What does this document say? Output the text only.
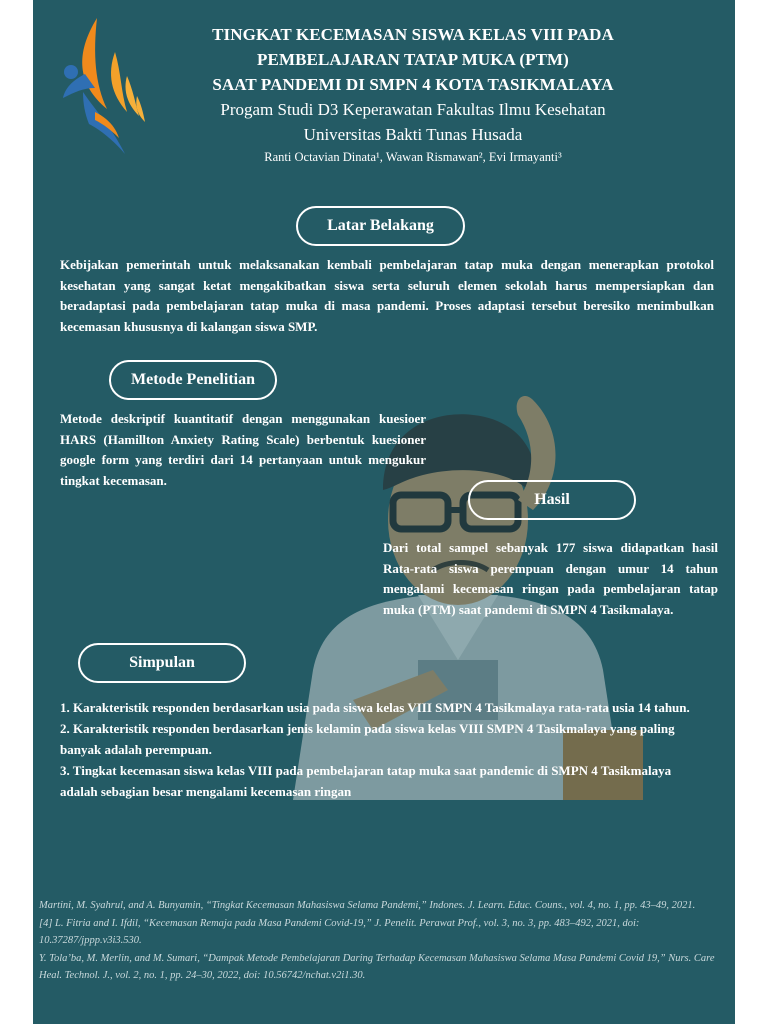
TINGKAT KECEMASAN SISWA KELAS VIII PADA
PEMBELAJARAN TATAP MUKA (PTM)
SAAT PANDEMI DI SMPN 4 KOTA TASIKMALAYA
Progam Studi D3 Keperawatan Fakultas Ilmu Kesehatan
Universitas Bakti Tunas Husada
Ranti Octavian Dinata¹, Wawan Rismawan², Evi Irmayanti³
Latar Belakang
Kebijakan pemerintah untuk melaksanakan kembali pembelajaran tatap muka dengan menerapkan protokol kesehatan yang sangat ketat mengakibatkan siswa serta seluruh elemen sekolah harus mempersiapkan dan beradaptasi pada pembelajaran tatap muka di masa pandemi. Proses adaptasi tersebut beresiko menimbulkan kecemasan khususnya di kalangan siswa SMP.
Metode Penelitian
Metode deskriptif kuantitatif dengan menggunakan kuesioer HARS (Hamillton Anxiety Rating Scale) berbentuk kuesioner google form yang terdiri dari 14 pertanyaan untuk mengukur tingkat kecemasan.
Hasil
Dari total sampel sebanyak 177 siswa didapatkan hasil Rata-rata siswa perempuan dengan umur 14 tahun mengalami kecemasan ringan pada pembelajaran tatap muka (PTM) saat pandemi di SMPN 4 Tasikmalaya.
Simpulan
1. Karakteristik responden berdasarkan usia pada siswa kelas VIII SMPN 4 Tasikmalaya rata-rata usia 14 tahun.
2. Karakteristik responden berdasarkan jenis kelamin pada siswa kelas VIII SMPN 4 Tasikmalaya yang paling banyak adalah perempuan.
3. Tingkat kecemasan siswa kelas VIII pada pembelajaran tatap muka saat pandemic di SMPN 4 Tasikmalaya adalah sebagian besar mengalami kecemasan ringan
Martini, M. Syahrul, and A. Bunyamin, “Tingkat Kecemasan Mahasiswa Selama Pandemi,” Indones. J. Learn. Educ. Couns., vol. 4, no. 1, pp. 43–49, 2021.
[4] L. Fitria and I. Ifdil, “Kecemasan Remaja pada Masa Pandemi Covid-19,” J. Penelit. Perawat Prof., vol. 3, no. 3, pp. 483–492, 2021, doi: 10.37287/jppp.v3i3.530.
Y. Tola’ba, M. Merlin, and M. Sumari, “Dampak Metode Pembelajaran Daring Terhadap Kecemasan Mahasiswa Selama Masa Pandemi Covid 19,” Nurs. Care Heal. Technol. J., vol. 2, no. 1, pp. 24–30, 2022, doi: 10.56742/nchat.v2i1.30.
